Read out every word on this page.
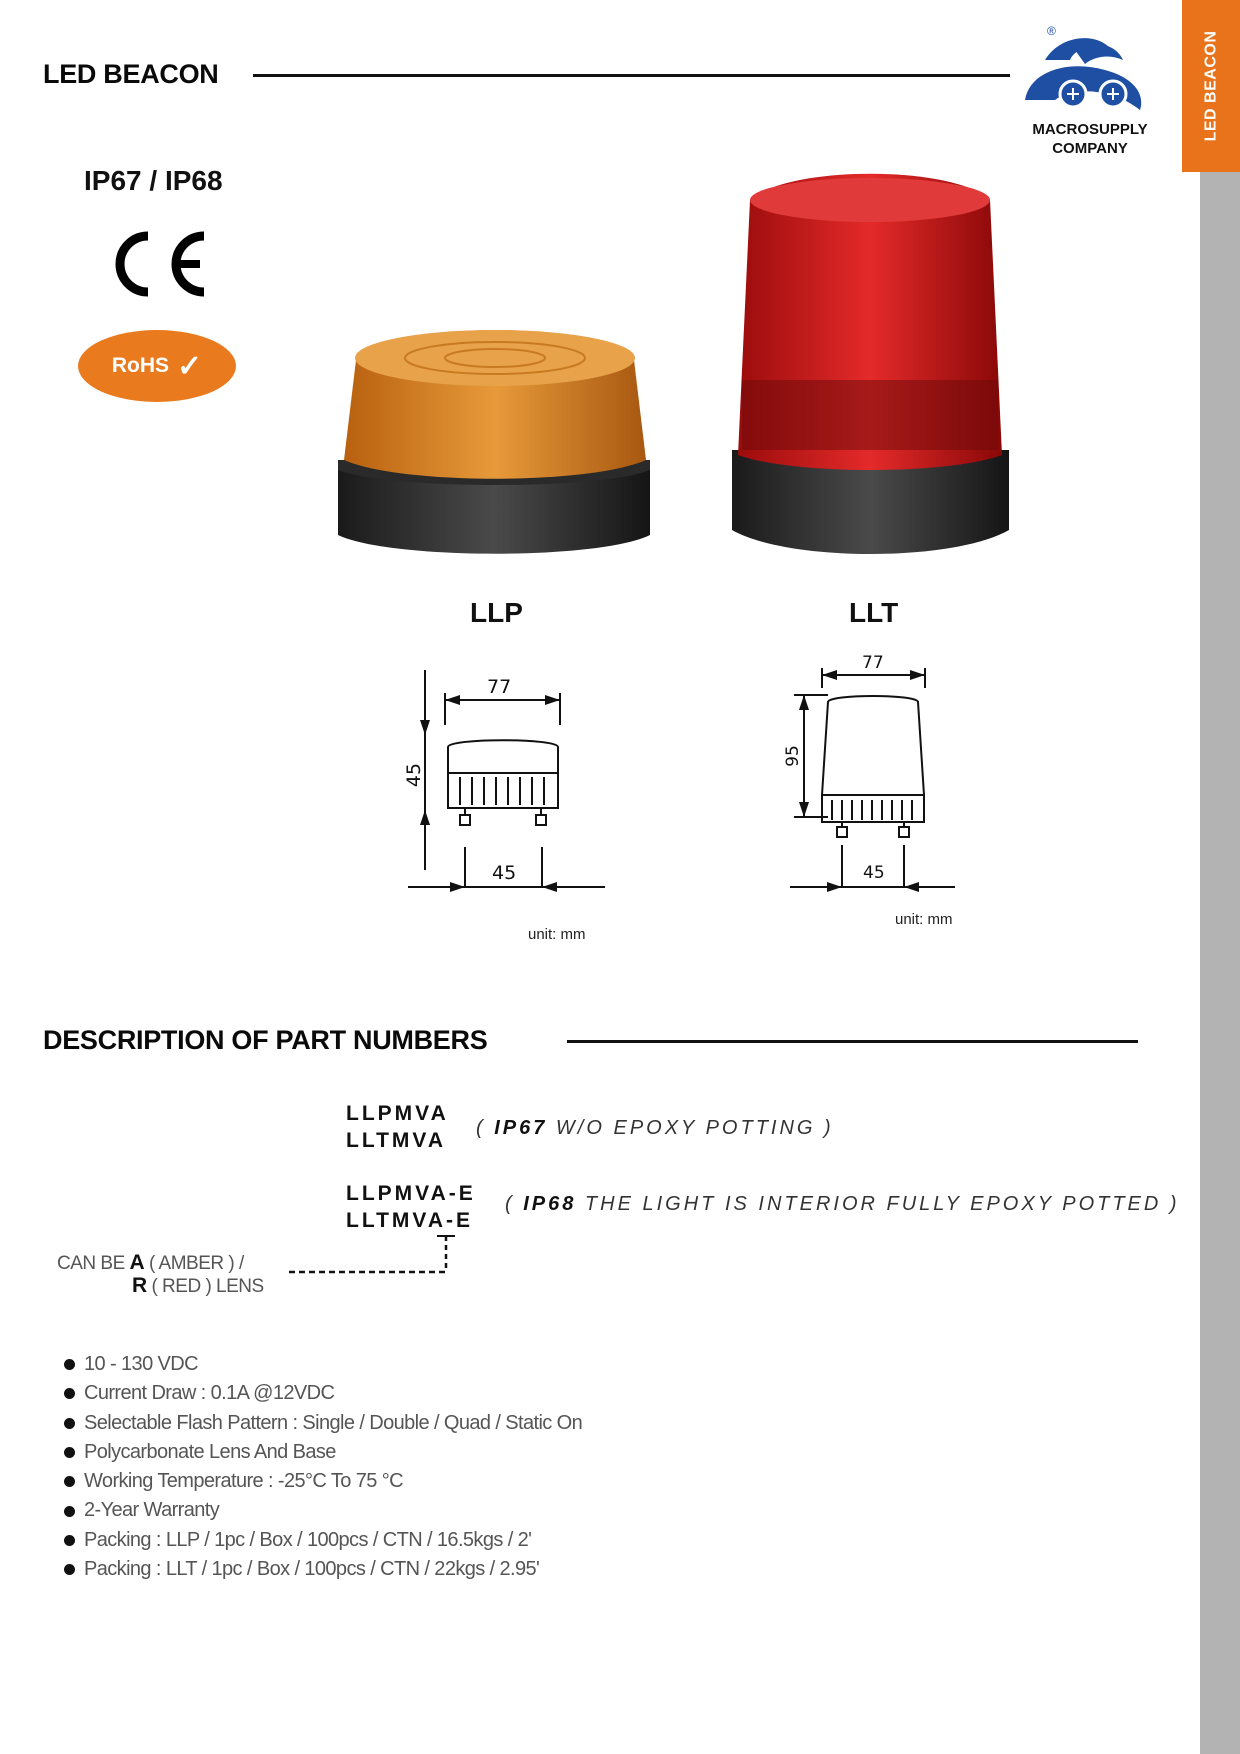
LED BEACON
LED BEACON
®
MACROSUPPLY
COMPANY
IP67 / IP68
RoHS ✓
LLP	LLT
77
45
45
unit: mm
77
95
45
unit: mm
DESCRIPTION OF PART NUMBERS
LLPMVA
LLTMVA
( IP67 W/O EPOXY POTTING )
LLPMVA-E
LLTMVA-E
( IP68 THE LIGHT IS INTERIOR FULLY EPOXY POTTED )
CAN BE A ( AMBER ) /
R ( RED ) LENS
10 - 130 VDC
Current Draw : 0.1A @12VDC
Selectable Flash Pattern : Single / Double / Quad / Static On
Polycarbonate Lens And Base
Working Temperature : -25°C To 75 °C
2-Year Warranty
Packing : LLP / 1pc / Box / 100pcs / CTN / 16.5kgs / 2'
Packing : LLT / 1pc / Box / 100pcs / CTN / 22kgs / 2.95'
